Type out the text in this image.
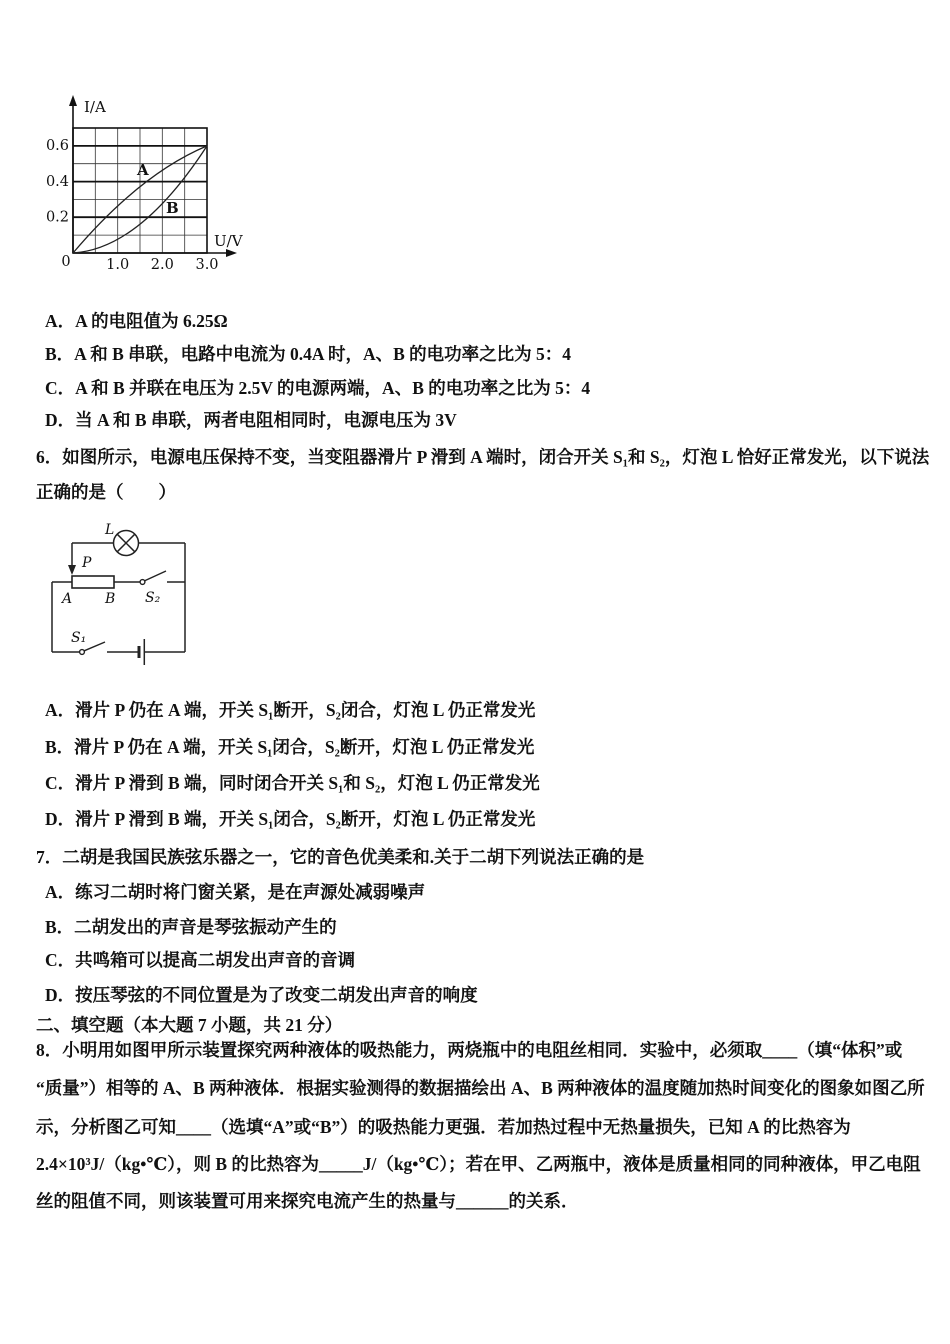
I/A
U/V
0.6
0.4
0.2
0 1.0 2.0 3.0
A
B
A．A 的电阻值为 6.25Ω
B．A 和 B 串联，电路中电流为 0.4A 时，A、B 的电功率之比为 5：4
C．A 和 B 并联在电压为 2.5V 的电源两端，A、B 的电功率之比为 5：4
D．当 A 和 B 串联，两者电阻相同时，电源电压为 3V
6．如图所示，电源电压保持不变，当变阻器滑片 P 滑到 A 端时，闭合开关 S₁和 S₂，灯泡 L 恰好正常发光，以下说法
正确的是（　　）
L
P
A B S₂
S₁
A．滑片 P 仍在 A 端，开关 S₁断开，S₂闭合，灯泡 L 仍正常发光
B．滑片 P 仍在 A 端，开关 S₁闭合，S₂断开，灯泡 L 仍正常发光
C．滑片 P 滑到 B 端，同时闭合开关 S₁和 S₂，灯泡 L 仍正常发光
D．滑片 P 滑到 B 端，开关 S₁闭合，S₂断开，灯泡 L 仍正常发光
7．二胡是我国民族弦乐器之一，它的音色优美柔和.关于二胡下列说法正确的是
A．练习二胡时将门窗关紧，是在声源处减弱噪声
B．二胡发出的声音是琴弦振动产生的
C．共鸣箱可以提高二胡发出声音的音调
D．按压琴弦的不同位置是为了改变二胡发出声音的响度
二、填空题（本大题 7 小题，共 21 分）
8．小明用如图甲所示装置探究两种液体的吸热能力，两烧瓶中的电阻丝相同．实验中，必须取____（填“体积”或
“质量”）相等的 A、B 两种液体．根据实验测得的数据描绘出 A、B 两种液体的温度随加热时间变化的图象如图乙所
示，分析图乙可知____（选填“A”或“B”）的吸热能力更强．若加热过程中无热量损失，已知 A 的比热容为
2.4×10³J/（kg•℃），则 B 的比热容为_____J/（kg•℃）；若在甲、乙两瓶中，液体是质量相同的同种液体，甲乙电阻
丝的阻值不同，则该装置可用来探究电流产生的热量与______的关系．
